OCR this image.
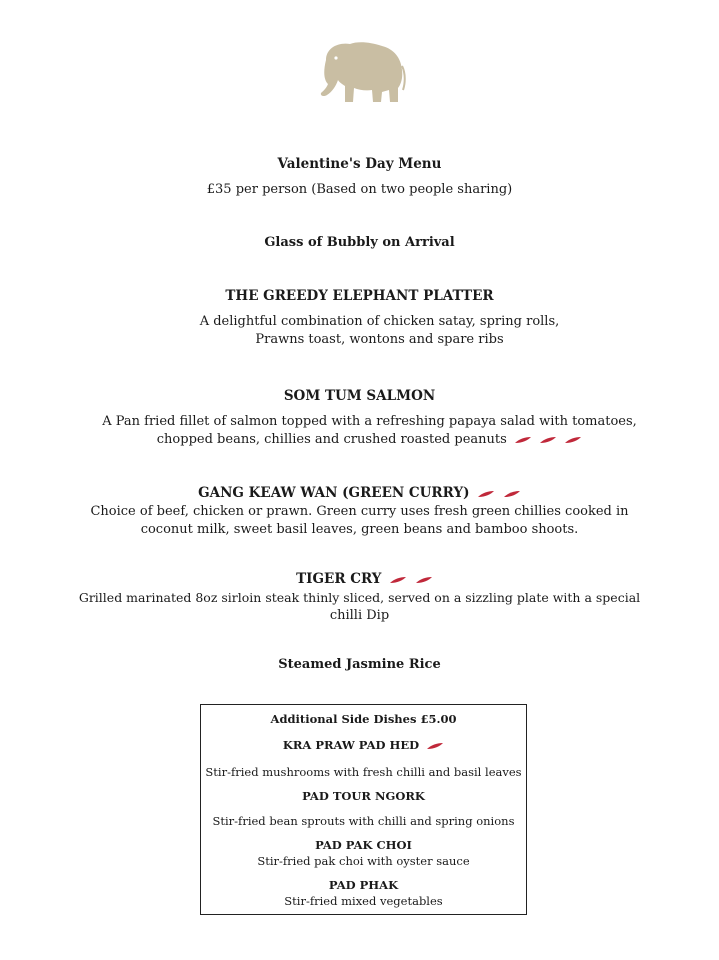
Valentine's Day Menu
£35 per person (Based on two people sharing)
Glass of Bubbly on Arrival
THE GREEDY ELEPHANT PLATTER
A delightful combination of chicken satay, spring rolls,
Prawns toast, wontons and spare ribs
SOM TUM SALMON
A Pan fried fillet of salmon topped with a refreshing papaya salad with tomatoes,
chopped beans, chillies and crushed roasted peanuts
GANG KEAW WAN (GREEN CURRY)
Choice of beef, chicken or prawn. Green curry uses fresh green chillies cooked in
coconut milk, sweet basil leaves, green beans and bamboo shoots.
TIGER CRY
Grilled marinated 8oz sirloin steak thinly sliced, served on a sizzling plate with a special
chilli Dip
Steamed Jasmine Rice
Additional Side Dishes £5.00
KRA PRAW PAD HED
Stir-fried mushrooms with fresh chilli and basil leaves
PAD TOUR NGORK
Stir-fried bean sprouts with chilli and spring onions
PAD PAK CHOI
Stir-fried pak choi with oyster sauce
PAD PHAK
Stir-fried mixed vegetables
